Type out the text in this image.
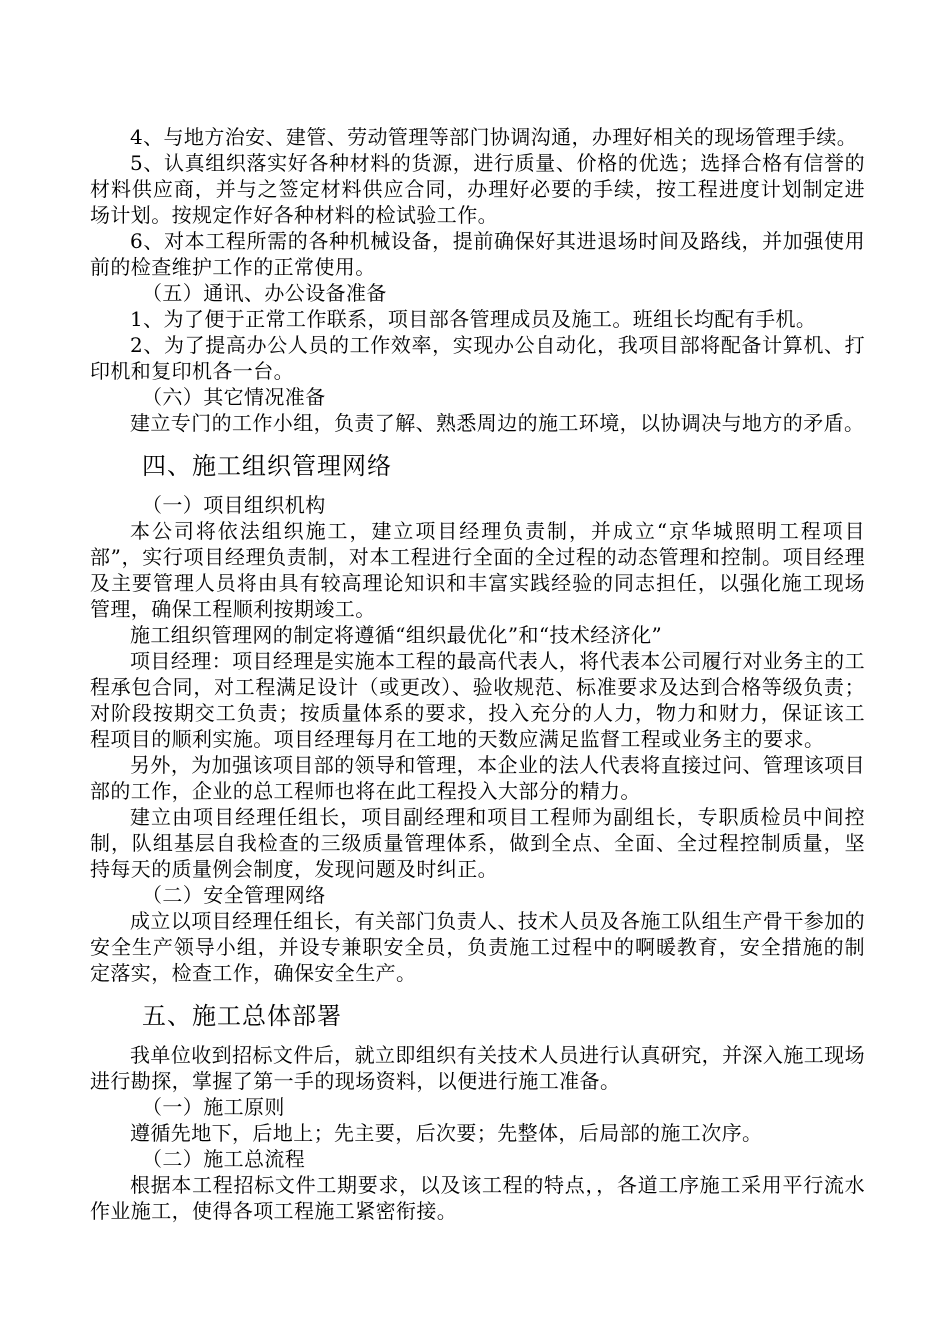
4、与地方治安、建管、劳动管理等部门协调沟通，办理好相关的现场管理手续。
5、认真组织落实好各种材料的货源，进行质量、价格的优选；选择合格有信誉的材料供应商，并与之签定材料供应合同，办理好必要的手续，按工程进度计划制定进场计划。按规定作好各种材料的检试验工作。
6、对本工程所需的各种机械设备，提前确保好其进退场时间及路线，并加强使用前的检查维护工作的正常使用。
（五）通讯、办公设备准备
1、为了便于正常工作联系，项目部各管理成员及施工。班组长均配有手机。
2、为了提高办公人员的工作效率，实现办公自动化，我项目部将配备计算机、打印机和复印机各一台。
（六）其它情况准备
建立专门的工作小组，负责了解、熟悉周边的施工环境，以协调决与地方的矛盾。
四、施工组织管理网络
（一）项目组织机构
本公司将依法组织施工，建立项目经理负责制，并成立“京华城照明工程项目部”，实行项目经理负责制，对本工程进行全面的全过程的动态管理和控制。项目经理及主要管理人员将由具有较高理论知识和丰富实践经验的同志担任，以强化施工现场管理，确保工程顺利按期竣工。
施工组织管理网的制定将遵循“组织最优化”和“技术经济化”
项目经理：项目经理是实施本工程的最高代表人，将代表本公司履行对业务主的工程承包合同，对工程满足设计（或更改）、验收规范、标准要求及达到合格等级负责；对阶段按期交工负责；按质量体系的要求，投入充分的人力，物力和财力，保证该工程项目的顺利实施。项目经理每月在工地的天数应满足监督工程或业务主的要求。
另外，为加强该项目部的领导和管理，本企业的法人代表将直接过问、管理该项目部的工作，企业的总工程师也将在此工程投入大部分的精力。
建立由项目经理任组长，项目副经理和项目工程师为副组长，专职质检员中间控制，队组基层自我检查的三级质量管理体系，做到全点、全面、全过程控制质量，坚持每天的质量例会制度，发现问题及时纠正。
（二）安全管理网络
成立以项目经理任组长，有关部门负责人、技术人员及各施工队组生产骨干参加的安全生产领导小组，并设专兼职安全员，负责施工过程中的啊暖教育，安全措施的制定落实，检查工作，确保安全生产。
五、施工总体部署
我单位收到招标文件后，就立即组织有关技术人员进行认真研究，并深入施工现场进行勘探，掌握了第一手的现场资料，以便进行施工准备。
（一）施工原则
遵循先地下，后地上；先主要，后次要；先整体，后局部的施工次序。
（二）施工总流程
根据本工程招标文件工期要求，以及该工程的特点，，各道工序施工采用平行流水作业施工，使得各项工程施工紧密衔接。
